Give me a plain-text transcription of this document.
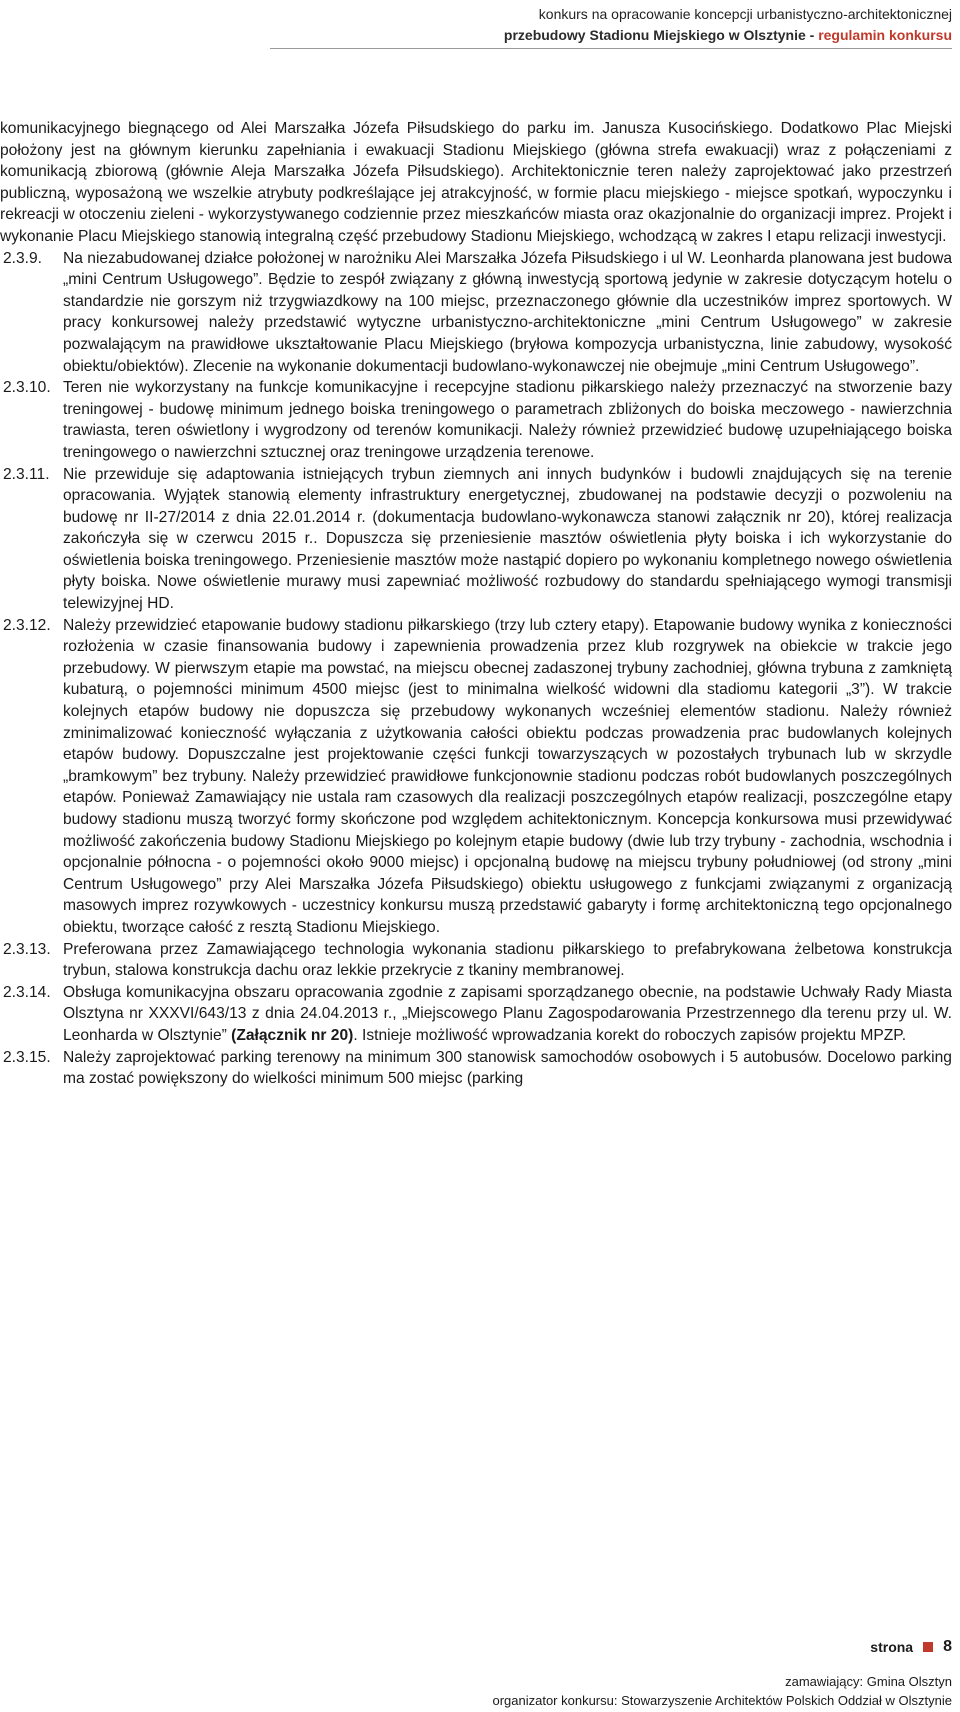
konkurs na opracowanie koncepcji urbanistyczno-architektonicznej
przebudowy Stadionu Miejskiego w Olsztynie - regulamin konkursu

komunikacyjnego biegnącego od Alei Marszałka Józefa Piłsudskiego do parku im. Janusza Kusocińskiego. Dodatkowo Plac Miejski położony jest na głównym kierunku zapełniania i ewakuacji Stadionu Miejskiego (główna strefa ewakuacji) wraz z połączeniami z komunikacją zbiorową (głównie Aleja Marszałka Józefa Piłsudskiego). Architektonicznie teren należy zaprojektować jako przestrzeń publiczną, wyposażoną we wszelkie atrybuty podkreślające jej atrakcyjność, w formie placu miejskiego - miejsce spotkań, wypoczynku i rekreacji w otoczeniu zieleni - wykorzystywanego codziennie przez mieszkańców miasta oraz okazjonalnie do organizacji imprez. Projekt i wykonanie Placu Miejskiego stanowią integralną część przebudowy Stadionu Miejskiego, wchodzącą w zakres I etapu relizacji inwestycji.

2.3.9. Na niezabudowanej działce położonej w narożniku Alei Marszałka Józefa Piłsudskiego i ul W. Leonharda planowana jest budowa „mini Centrum Usługowego”. Będzie to zespół związany z główną inwestycją sportową jedynie w zakresie dotyczącym hotelu o standardzie nie gorszym niż trzygwiazdkowy na 100 miejsc, przeznaczonego głównie dla uczestników imprez sportowych. W pracy konkursowej należy przedstawić wytyczne urbanistyczno-architektoniczne „mini Centrum Usługowego” w zakresie pozwalającym na prawidłowe ukształtowanie Placu Miejskiego (bryłowa kompozycja urbanistyczna, linie zabudowy, wysokość obiektu/obiektów). Zlecenie na wykonanie dokumentacji budowlano-wykonawczej nie obejmuje „mini Centrum Usługowego”.
2.3.10. Teren nie wykorzystany na funkcje komunikacyjne i recepcyjne stadionu piłkarskiego należy przeznaczyć na stworzenie bazy treningowej - budowę minimum jednego boiska treningowego o parametrach zbliżonych do boiska meczowego - nawierzchnia trawiasta, teren oświetlony i wygrodzony od terenów komunikacji. Należy również przewidzieć budowę uzupełniającego boiska treningowego o nawierzchni sztucznej oraz treningowe urządzenia terenowe.
2.3.11. Nie przewiduje się adaptowania istniejących trybun ziemnych ani innych budynków i budowli znajdujących się na terenie opracowania. Wyjątek stanowią elementy infrastruktury energetycznej, zbudowanej na podstawie decyzji o pozwoleniu na budowę nr II-27/2014 z dnia 22.01.2014 r. (dokumentacja budowlano-wykonawcza stanowi załącznik nr 20), której realizacja zakończyła się w czerwcu 2015 r.. Dopuszcza się przeniesienie masztów oświetlenia płyty boiska i ich wykorzystanie do oświetlenia boiska treningowego. Przeniesienie masztów może nastąpić dopiero po wykonaniu kompletnego nowego oświetlenia płyty boiska. Nowe oświetlenie murawy musi zapewniać możliwość rozbudowy do standardu spełniającego wymogi transmisji telewizyjnej HD.
2.3.12. Należy przewidzieć etapowanie budowy stadionu piłkarskiego (trzy lub cztery etapy). Etapowanie budowy wynika z konieczności rozłożenia w czasie finansowania budowy i zapewnienia prowadzenia przez klub rozgrywek na obiekcie w trakcie jego przebudowy. W pierwszym etapie ma powstać, na miejscu obecnej zadaszonej trybuny zachodniej, główna trybuna z zamkniętą kubaturą, o pojemności minimum 4500 miejsc (jest to minimalna wielkość widowni dla stadiomu kategorii „3”). W trakcie kolejnych etapów budowy nie dopuszcza się przebudowy wykonanych wcześniej elementów stadionu. Należy również zminimalizować konieczność wyłączania z użytkowania całości obiektu podczas prowadzenia prac budowlanych kolejnych etapów budowy. Dopuszczalne jest projektowanie części funkcji towarzyszących w pozostałych trybunach lub w skrzydle „bramkowym” bez trybuny. Należy przewidzieć prawidłowe funkcjonownie stadionu podczas robót budowlanych poszczególnych etapów. Ponieważ Zamawiający nie ustala ram czasowych dla realizacji poszczególnych etapów realizacji, poszczególne etapy budowy stadionu muszą tworzyć formy skończone pod względem achitektonicznym. Koncepcja konkursowa musi przewidywać możliwość zakończenia budowy Stadionu Miejskiego po kolejnym etapie budowy (dwie lub trzy trybuny - zachodnia, wschodnia i opcjonalnie północna - o pojemności około 9000 miejsc) i opcjonalną budowę na miejscu trybuny południowej (od strony „mini Centrum Usługowego” przy Alei Marszałka Józefa Piłsudskiego) obiektu usługowego z funkcjami związanymi z organizacją masowych imprez rozywkowych - uczestnicy konkursu muszą przedstawić gabaryty i formę architektoniczną tego opcjonalnego obiektu, tworzące całość z resztą Stadionu Miejskiego.
2.3.13. Preferowana przez Zamawiającego technologia wykonania stadionu piłkarskiego to prefabrykowana żelbetowa konstrukcja trybun, stalowa konstrukcja dachu oraz lekkie przekrycie z tkaniny membranowej.
2.3.14. Obsługa komunikacyjna obszaru opracowania zgodnie z zapisami sporządzanego obecnie, na podstawie Uchwały Rady Miasta Olsztyna nr XXXVI/643/13 z dnia 24.04.2013 r., „Miejscowego Planu Zagospodarowania Przestrzennego dla terenu przy ul. W. Leonharda w Olsztynie” (Załącznik nr 20). Istnieje możliwość wprowadzania korekt do roboczych zapisów projektu MPZP.
2.3.15. Należy zaprojektować parking terenowy na minimum 300 stanowisk samochodów osobowych i 5 autobusów. Docelowo parking ma zostać powiększony do wielkości minimum 500 miejsc (parking
strona 8
zamawiający: Gmina Olsztyn
organizator konkursu: Stowarzyszenie Architektów Polskich Oddział w Olsztynie
